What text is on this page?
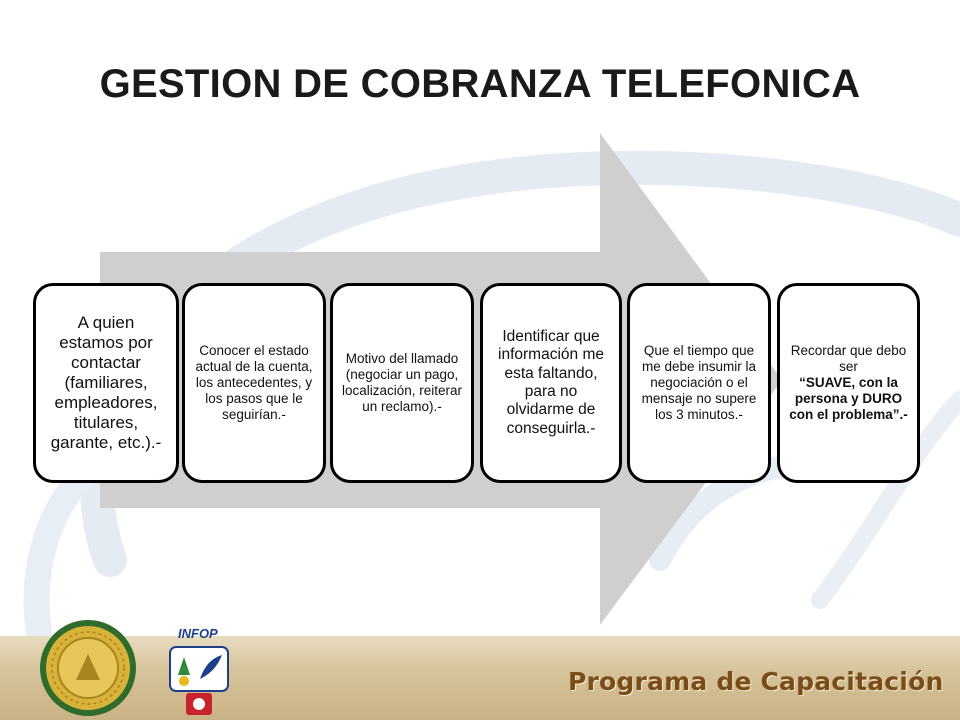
GESTION DE COBRANZA TELEFONICA
A quien estamos por contactar (familiares, empleadores, titulares, garante, etc.).-
Conocer el estado actual de la cuenta, los antecedentes, y los pasos que le seguirían.-
Motivo del llamado (negociar un pago, localización, reiterar un reclamo).-
Identificar que información me esta faltando, para no olvidarme de conseguirla.-
Que el tiempo que me debe insumir la negociación o el mensaje no supere los 3 minutos.-
Recordar que debo ser
“SUAVE, con la persona y DURO con el problema”.-
INFOP
Programa de Capacitación
